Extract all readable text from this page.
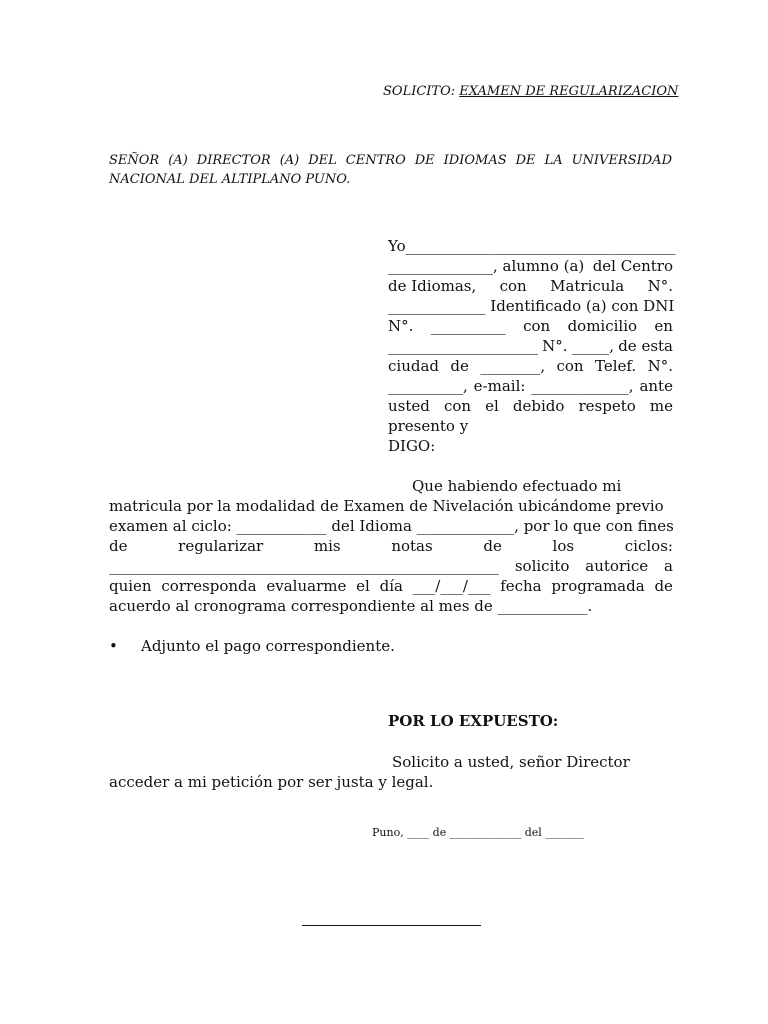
SOLICITO: EXAMEN DE REGULARIZACION
SEÑOR (A) DIRECTOR (A) DEL CENTRO DE IDIOMAS DE LA UNIVERSIDAD NACIONAL DEL ALTIPLANO PUNO.
Yo____________________________________
______________, alumno (a) del Centro
de Idiomas, con Matricula N°.
_____________ Identificado (a) con DNI
N°. __________ con domicilio en
____________________ N°. _____, de esta
ciudad de ________, con Telef. N°.
__________, e-mail: _____________, ante
usted con el debido respeto me
presento y
DIGO:
Que habiendo efectuado mi
matricula por la modalidad de Examen de Nivelación ubicándome previo
examen al ciclo: ____________ del Idioma _____________, por lo que con fines
de	regularizar	mis	notas	de	los	ciclos:
____________________________________________________ solicito autorice a
quien corresponda evaluarme el día ___/___/___ fecha programada de
acuerdo al cronograma correspondiente al mes de ____________.
• Adjunto el pago correspondiente.
POR LO EXPUESTO:
Solicito a usted, señor Director
acceder a mi petición por ser justa y legal.
Puno, ____ de _____________ del _______
